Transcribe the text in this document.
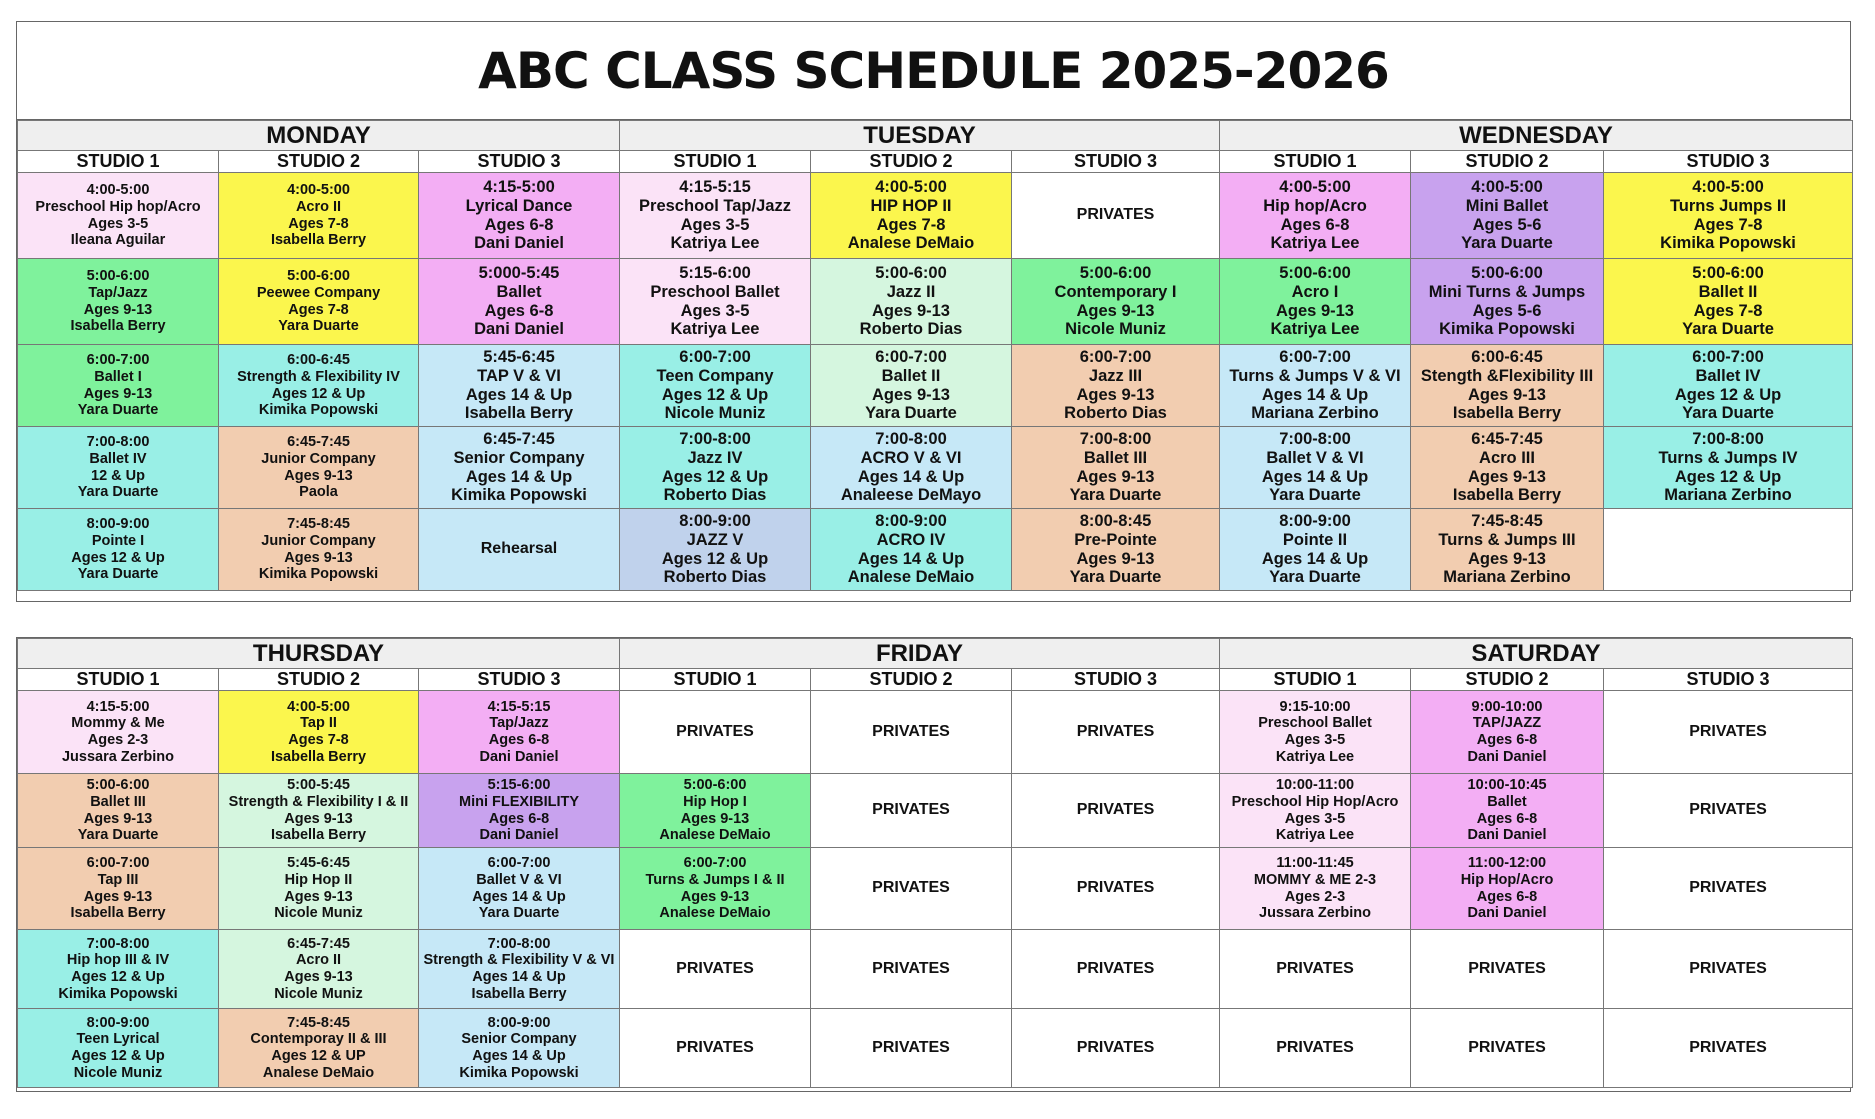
ABC CLASS SCHEDULE 2025-2026
MONDAY			TUESDAY			WEDNESDAY		
STUDIO 1	STUDIO 2	STUDIO 3	STUDIO 1	STUDIO 2	STUDIO 3	STUDIO 1	STUDIO 2	STUDIO 3

4:00-5:00
Preschool Hip hop/Acro
Ages 3-5
Ileana Aguilar	4:00-5:00
Acro II
Ages 7-8
Isabella Berry	4:15-5:00
Lyrical Dance
Ages 6-8
Dani Daniel	4:15-5:15
Preschool Tap/Jazz
Ages 3-5
Katriya Lee	4:00-5:00
HIP HOP II
Ages 7-8
Analese DeMaio	PRIVATES	4:00-5:00
Hip hop/Acro
Ages 6-8
Katriya Lee	4:00-5:00
Mini Ballet
Ages 5-6
Yara Duarte	4:00-5:00
Turns Jumps II
Ages 7-8
Kimika Popowski

5:00-6:00
Tap/Jazz
Ages 9-13
Isabella Berry	5:00-6:00
Peewee Company
Ages 7-8
Yara Duarte	5:000-5:45
Ballet
Ages 6-8
Dani Daniel	5:15-6:00
Preschool Ballet
Ages 3-5
Katriya Lee	5:00-6:00
Jazz II
Ages 9-13
Roberto Dias	5:00-6:00
Contemporary I
Ages 9-13
Nicole Muniz	5:00-6:00
Acro I
Ages 9-13
Katriya Lee	5:00-6:00
Mini Turns & Jumps
Ages 5-6
Kimika Popowski	5:00-6:00
Ballet II
Ages 7-8
Yara Duarte

6:00-7:00
Ballet I
Ages 9-13
Yara Duarte	6:00-6:45
Strength & Flexibility IV
Ages 12 & Up
Kimika Popowski	5:45-6:45
TAP V & VI
Ages 14 & Up
Isabella Berry	6:00-7:00
Teen Company
Ages 12 & Up
Nicole Muniz	6:00-7:00
Ballet II
Ages 9-13
Yara Duarte	6:00-7:00
Jazz III
Ages 9-13
Roberto Dias	6:00-7:00
Turns & Jumps V & VI
Ages 14 & Up
Mariana Zerbino	6:00-6:45
Stength &Flexibility III
Ages 9-13
Isabella Berry	6:00-7:00
Ballet IV
Ages 12 & Up
Yara Duarte

7:00-8:00
Ballet IV
12 & Up
Yara Duarte	6:45-7:45
Junior Company
Ages 9-13
Paola	6:45-7:45
Senior Company
Ages 14 & Up
Kimika Popowski	7:00-8:00
Jazz IV
Ages 12 & Up
Roberto Dias	7:00-8:00
ACRO V & VI
Ages 14 & Up
Analeese DeMayo	7:00-8:00
Ballet III
Ages 9-13
Yara Duarte	7:00-8:00
Ballet V & VI
Ages 14 & Up
Yara Duarte	6:45-7:45
Acro III
Ages 9-13
Isabella Berry	7:00-8:00
Turns & Jumps IV
Ages 12 & Up
Mariana Zerbino

8:00-9:00
Pointe I
Ages 12 & Up
Yara Duarte	7:45-8:45
Junior Company
Ages 9-13
Kimika Popowski	Rehearsal	8:00-9:00
JAZZ V
Ages 12 & Up
Roberto Dias	8:00-9:00
ACRO IV
Ages 14 & Up
Analese DeMaio	8:00-8:45
Pre-Pointe
Ages 9-13
Yara Duarte	8:00-9:00
Pointe II
Ages 14 & Up
Yara Duarte	7:45-8:45
Turns & Jumps III
Ages 9-13
Mariana Zerbino	

THURSDAY			FRIDAY			SATURDAY		
STUDIO 1	STUDIO 2	STUDIO 3	STUDIO 1	STUDIO 2	STUDIO 3	STUDIO 1	STUDIO 2	STUDIO 3

4:15-5:00
Mommy & Me
Ages 2-3
Jussara Zerbino	4:00-5:00
Tap II
Ages 7-8
Isabella Berry	4:15-5:15
Tap/Jazz
Ages 6-8
Dani Daniel	PRIVATES	PRIVATES	PRIVATES	9:15-10:00
Preschool Ballet
Ages 3-5
Katriya Lee	9:00-10:00
TAP/JAZZ
Ages 6-8
Dani Daniel	PRIVATES

5:00-6:00
Ballet III
Ages 9-13
Yara Duarte	5:00-5:45
Strength & Flexibility I & II
Ages 9-13
Isabella Berry	5:15-6:00
Mini FLEXIBILITY
Ages 6-8
Dani Daniel	5:00-6:00
Hip Hop I
Ages 9-13
Analese DeMaio	PRIVATES	PRIVATES	10:00-11:00
Preschool Hip Hop/Acro
Ages 3-5
Katriya Lee	10:00-10:45
Ballet
Ages 6-8
Dani Daniel	PRIVATES

6:00-7:00
Tap III
Ages 9-13
Isabella Berry	5:45-6:45
Hip Hop II
Ages 9-13
Nicole Muniz	6:00-7:00
Ballet V & VI
Ages 14 & Up
Yara Duarte	6:00-7:00
Turns & Jumps I & II
Ages 9-13
Analese DeMaio	PRIVATES	PRIVATES	11:00-11:45
MOMMY & ME 2-3
Ages 2-3
Jussara Zerbino	11:00-12:00
Hip Hop/Acro
Ages 6-8
Dani Daniel	PRIVATES

7:00-8:00
Hip hop III & IV
Ages 12 & Up
Kimika Popowski	6:45-7:45
Acro II
Ages 9-13
Nicole Muniz	7:00-8:00
Strength & Flexibility V & VI
Ages 14 & Up
Isabella Berry	PRIVATES	PRIVATES	PRIVATES	PRIVATES	PRIVATES	PRIVATES

8:00-9:00
Teen Lyrical
Ages 12 & Up
Nicole Muniz	7:45-8:45
Contemporay II & III
Ages 12 & UP
Analese DeMaio	8:00-9:00
Senior Company
Ages 14 & Up
Kimika Popowski	PRIVATES	PRIVATES	PRIVATES	PRIVATES	PRIVATES	PRIVATES
